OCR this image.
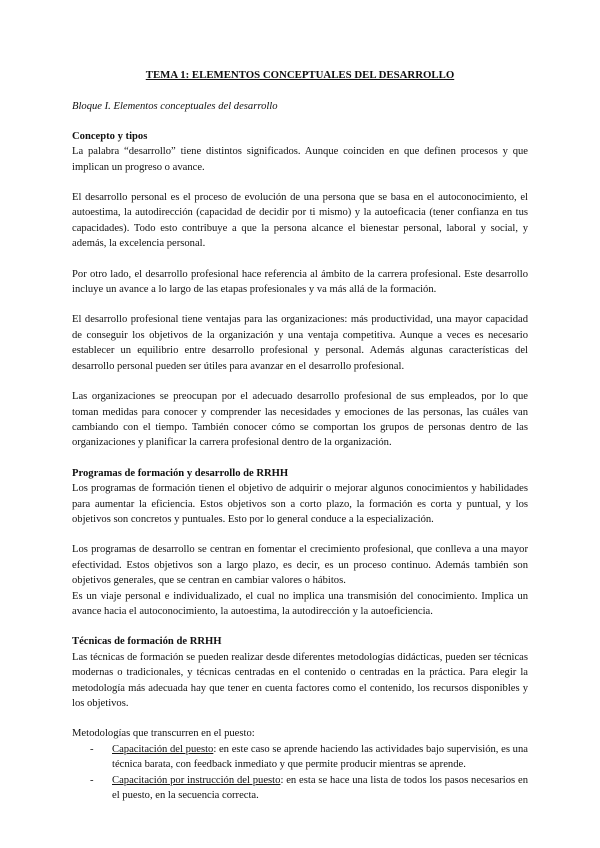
TEMA 1: ELEMENTOS CONCEPTUALES DEL DESARROLLO
Bloque I. Elementos conceptuales del desarrollo
Concepto y tipos

La palabra “desarrollo” tiene distintos significados. Aunque coinciden en que definen procesos y que implican un progreso o avance.

El desarrollo personal es el proceso de evolución de una persona que se basa en el autoconocimiento, el autoestima, la autodirección (capacidad de decidir por ti mismo) y la autoeficacia (tener confianza en tus capacidades). Todo esto contribuye a que la persona alcance el bienestar personal, laboral y social, y además, la excelencia personal.

Por otro lado, el desarrollo profesional hace referencia al ámbito de la carrera profesional. Este desarrollo incluye un avance a lo largo de las etapas profesionales y va más allá de la formación.

El desarrollo profesional tiene ventajas para las organizaciones: más productividad, una mayor capacidad de conseguir los objetivos de la organización y una ventaja competitiva. Aunque a veces es necesario establecer un equilibrio entre desarrollo profesional y personal. Además algunas características del desarrollo personal pueden ser útiles para avanzar en el desarrollo profesional.

Las organizaciones se preocupan por el adecuado desarrollo profesional de sus empleados, por lo que toman medidas para conocer y comprender las necesidades y emociones de las personas, las cuáles van cambiando con el tiempo. También conocer cómo se comportan los grupos de personas dentro de las organizaciones y planificar la carrera profesional dentro de la organización.

Programas de formación y desarrollo de RRHH

Los programas de formación tienen el objetivo de adquirir o mejorar algunos conocimientos y habilidades para aumentar la eficiencia. Estos objetivos son a corto plazo, la formación es corta y puntual, y los objetivos son concretos y puntuales. Esto por lo general conduce a la especialización.

Los programas de desarrollo se centran en fomentar el crecimiento profesional, que conlleva a una mayor efectividad. Estos objetivos son a largo plazo, es decir, es un proceso continuo. Además también son objetivos generales, que se centran en cambiar valores o hábitos.

Es un viaje personal e individualizado, el cual no implica una transmisión del conocimiento. Implica un avance hacia el autoconocimiento, la autoestima, la autodirección y la autoeficiencia.

Técnicas de formación de RRHH

Las técnicas de formación se pueden realizar desde diferentes metodologías didácticas, pueden ser técnicas modernas o tradicionales, y técnicas centradas en el contenido o centradas en la práctica. Para elegir la metodología más adecuada hay que tener en cuenta factores como el contenido, los recursos disponibles y los objetivos.

Metodologías que transcurren en el puesto:

- Capacitación del puesto: en este caso se aprende haciendo las actividades bajo supervisión, es una técnica barata, con feedback inmediato y que permite producir mientras se aprende.
- Capacitación por instrucción del puesto: en esta se hace una lista de todos los pasos necesarios en el puesto, en la secuencia correcta.
